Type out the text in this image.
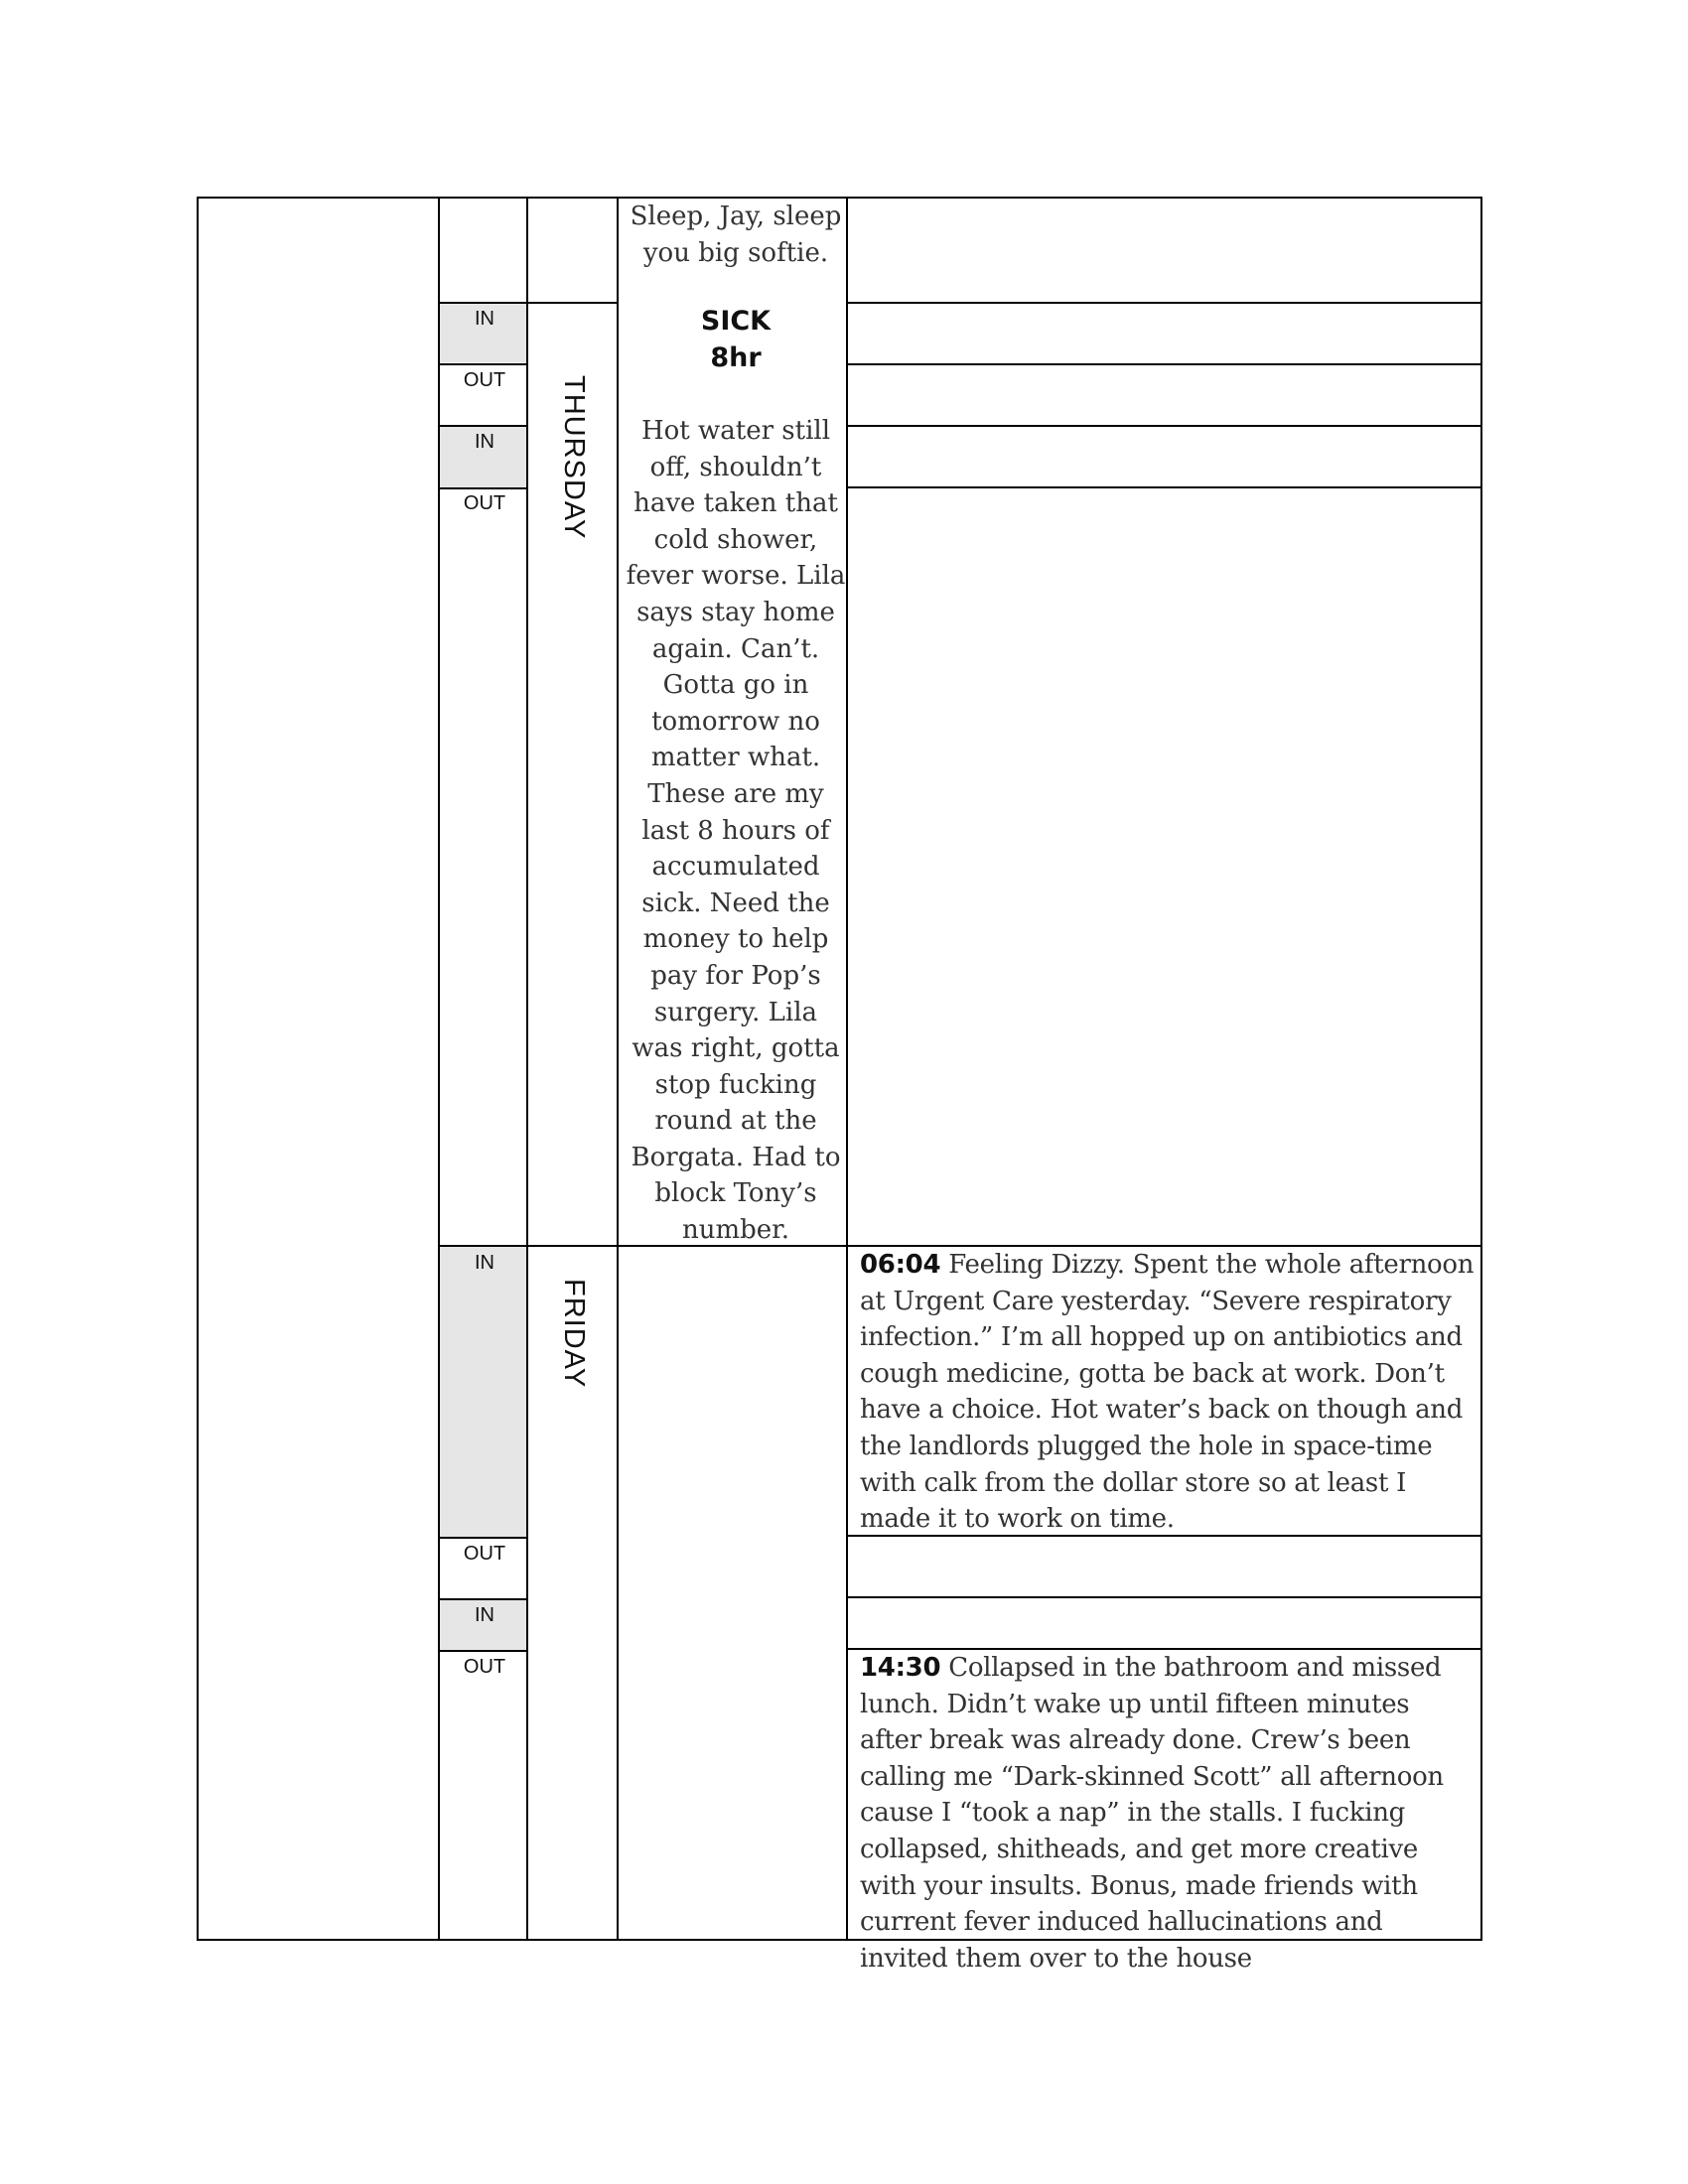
Sleep, Jay, sleep you big softie.
IN
OUT
IN
OUT	THURSDAY
SICK
8hr
Hot water still off, shouldn’t have taken that cold shower, fever worse. Lila says stay home again. Can’t. Gotta go in tomorrow no matter what. These are my last 8 hours of accumulated sick. Need the money to help pay for Pop’s surgery. Lila was right, gotta stop fucking round at the Borgata. Had to block Tony’s number.
IN
OUT
IN
OUT
FRIDAY
06:04 Feeling Dizzy. Spent the whole afternoon at Urgent Care yesterday. “Severe respiratory infection.” I’m all hopped up on antibiotics and cough medicine, gotta be back at work. Don’t have a choice. Hot water’s back on though and the landlords plugged the hole in space-time with calk from the dollar store so at least I made it to work on time.
14:30 Collapsed in the bathroom and missed lunch. Didn’t wake up until fifteen minutes after break was already done. Crew’s been calling me “Dark-skinned Scott” all afternoon cause I “took a nap” in the stalls. I fucking collapsed, shitheads, and get more creative with your insults. Bonus, made friends with current fever induced hallucinations and invited them over to the house
